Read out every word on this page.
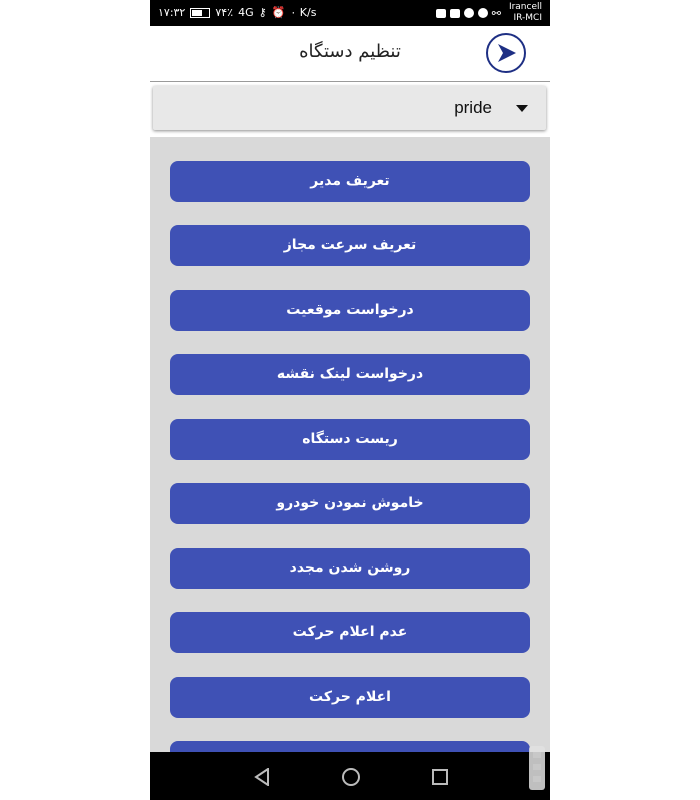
۱۷:۳۲	۷۴٪ 4G ⚷ ⏰ ۰ K/s	⚯ Irancell
IR-MCI
تنظیم دستگاه
pride
تعریف مدیر
تعریف سرعت مجاز
درخواست موقعیت
درخواست لینک نقشه
ریست دستگاه
خاموش نمودن خودرو
روشن شدن مجدد
عدم اعلام حرکت
اعلام حرکت
